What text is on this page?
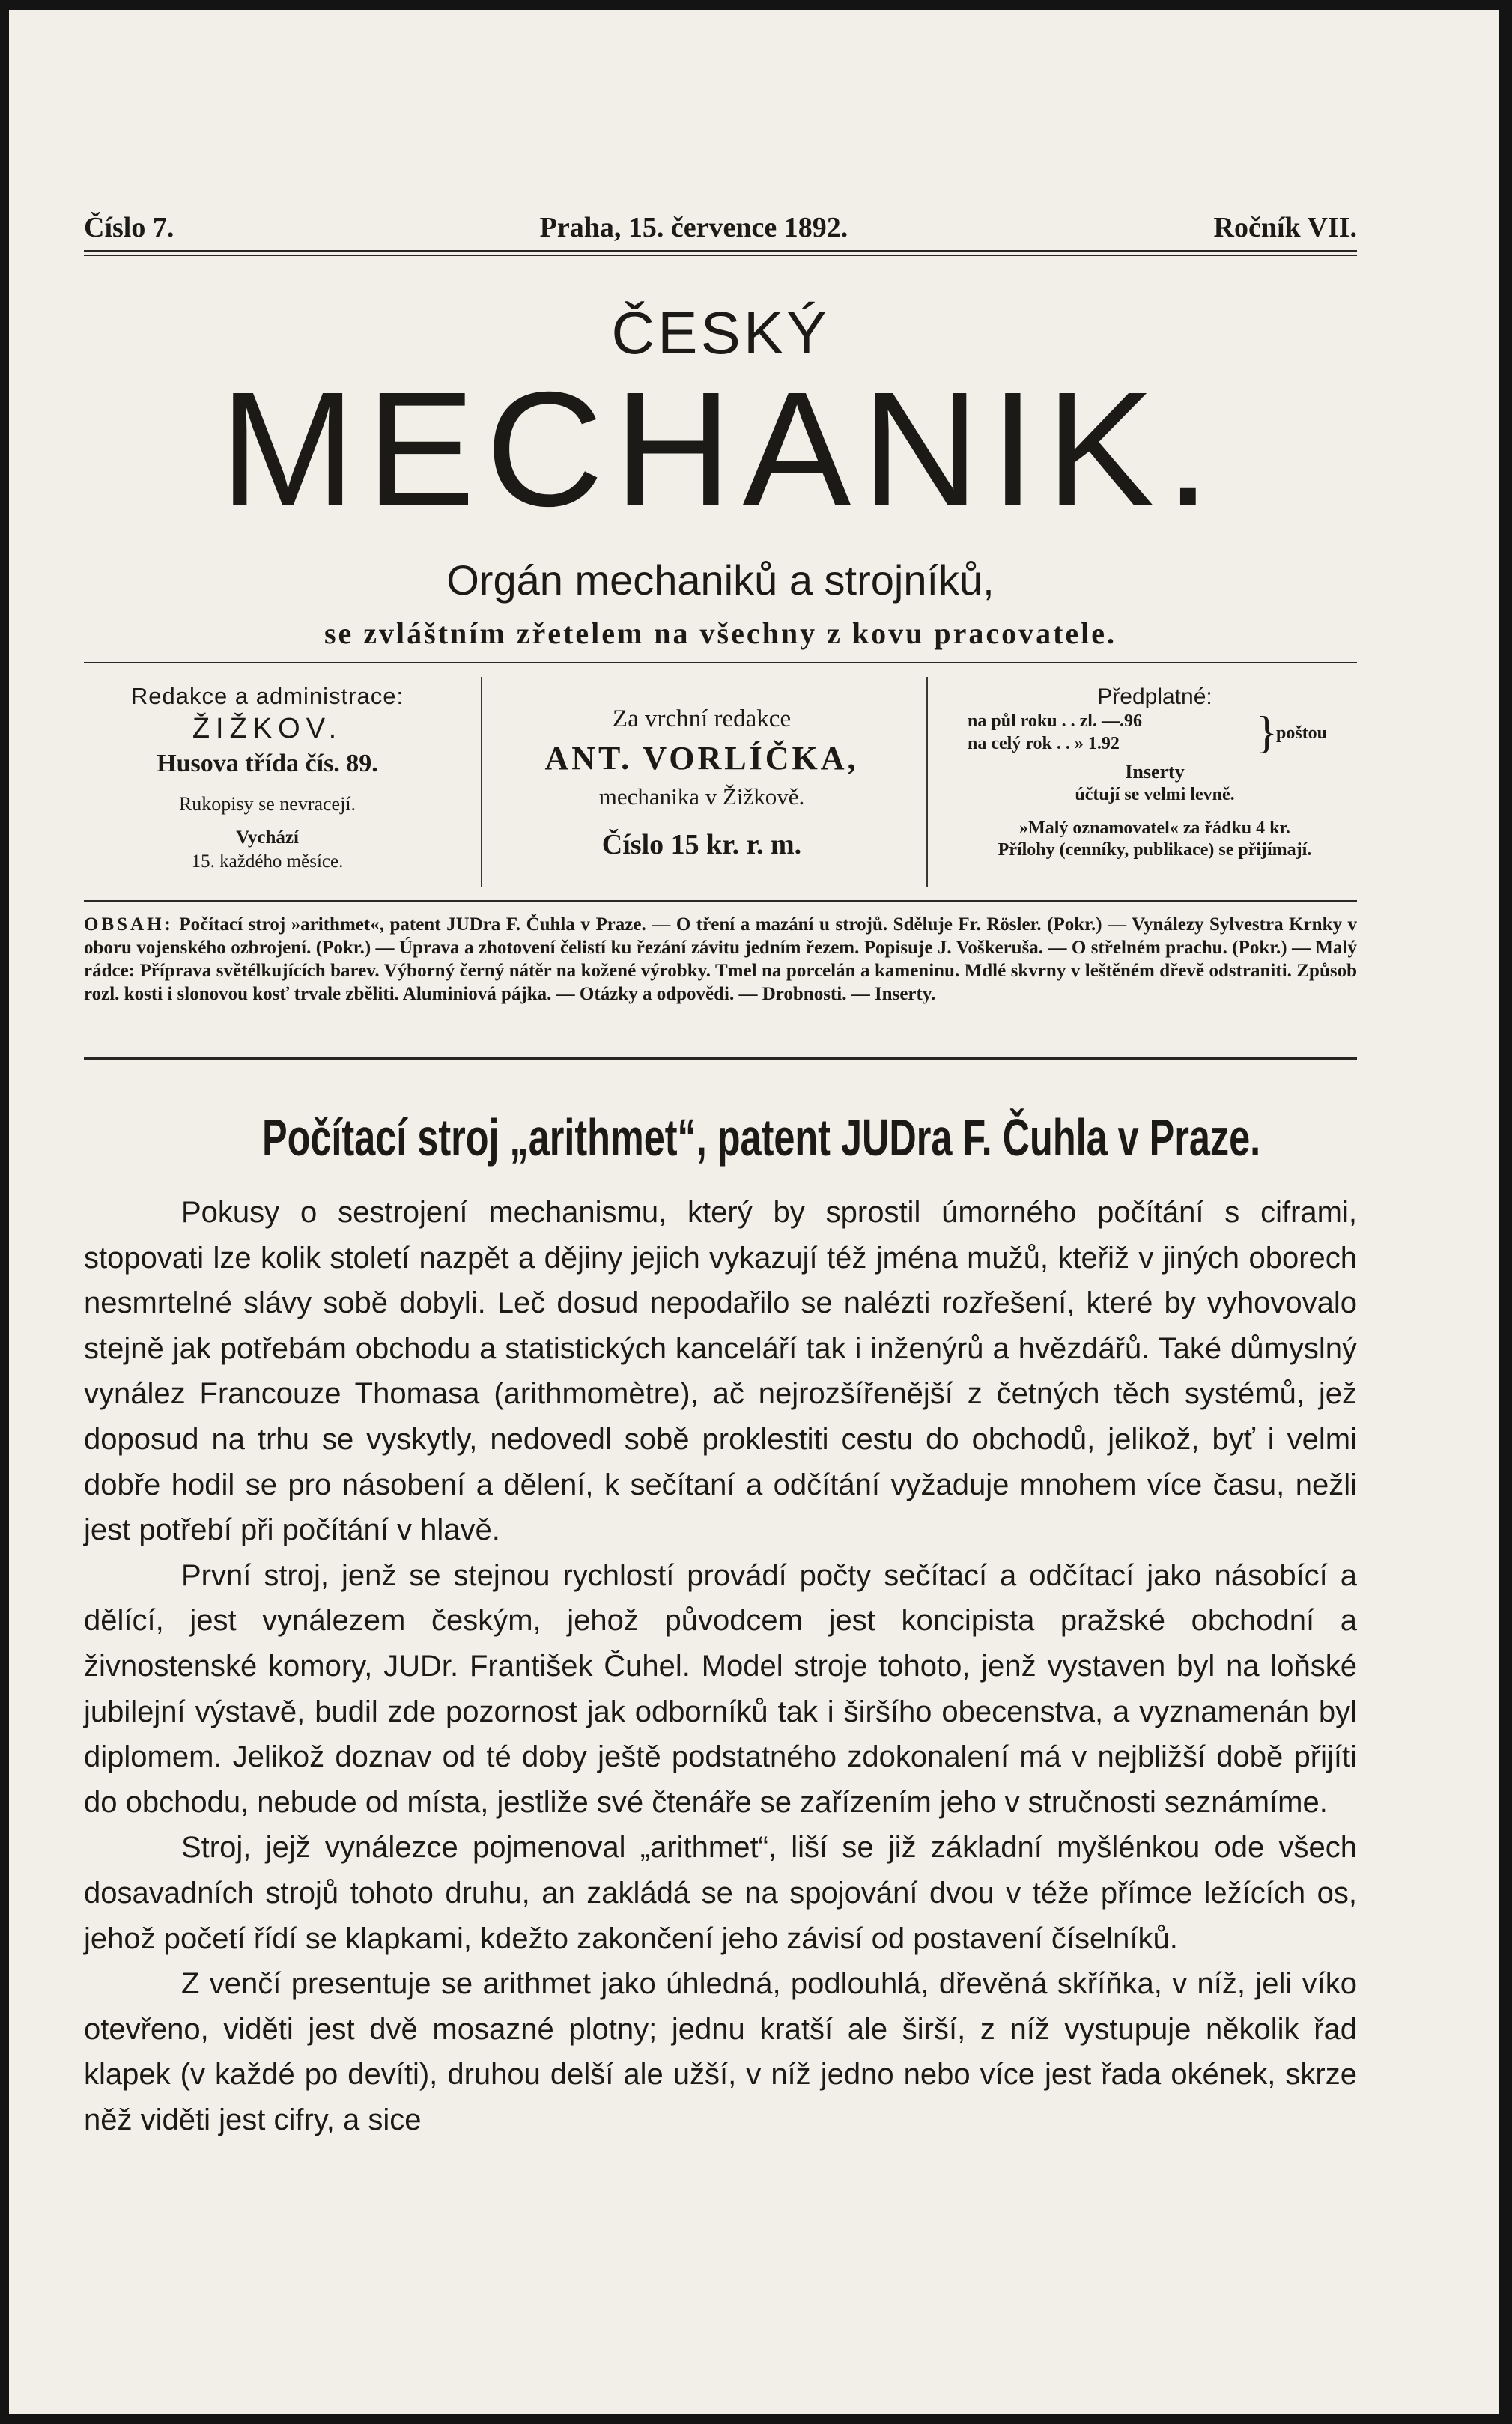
Číslo 7.	Praha, 15. července 1892.	Ročník VII.
ČESKÝ
MECHANIK.
Orgán mechaniků a strojníků,
se zvláštním zřetelem na všechny z kovu pracovatele.
Redakce a administrace:
ŽIŽKOV.
Husova třída čís. 89.
Rukopisy se nevracejí.
Vychází
15. každého měsíce.
Za vrchní redakce
ANT. VORLÍČKA,
mechanika v Žižkově.
Číslo 15 kr. r. m.
Předplatné:
na půl roku . . zl. —.96
na celý rok . . » 1.92	}
poštou
Inserty
účtují se velmi levně.
»Malý oznamovatel« za řádku 4 kr.
Přílohy (cenníky, publikace) se přijímají.
OBSAH: Počítací stroj »arithmet«, patent JUDra F. Čuhla v Praze. — O tření a mazání u strojů. Sděluje Fr. Rösler. (Pokr.) — Vynálezy Sylvestra Krnky v oboru vojenského ozbrojení. (Pokr.) — Úprava a zhotovení čelistí ku řezání závitu jedním řezem. Popisuje J. Voškeruša. — O střelném prachu. (Pokr.) — Malý rádce: Příprava světélkujících barev. Výborný černý nátěr na kožené výrobky. Tmel na porcelán a kameninu. Mdlé skvrny v leštěném dřevě odstraniti. Způsob rozl. kosti i slonovou kosť trvale zběliti. Aluminiová pájka. — Otázky a odpovědi. — Drobnosti. — Inserty.
Počítací stroj „arithmet“, patent JUDra F. Čuhla v Praze.

Pokusy o sestrojení mechanismu, který by sprostil úmorného počítání s ciframi, stopovati lze kolik století nazpět a dějiny jejich vykazují též jména mužů, kteřiž v jiných oborech nesmrtelné slávy sobě dobyli. Leč dosud nepodařilo se nalézti rozřešení, které by vyhovovalo stejně jak potřebám obchodu a statistických kanceláří tak i inženýrů a hvězdářů. Také důmyslný vynález Francouze Thomasa (arithmomètre), ač nejrozšířenější z četných těch systémů, jež doposud na trhu se vyskytly, nedovedl sobě proklestiti cestu do obchodů, jelikož, byť i velmi dobře hodil se pro násobení a dělení, k sečítaní a odčítání vyžaduje mnohem více času, nežli jest potřebí při počítání v hlavě.

První stroj, jenž se stejnou rychlostí provádí počty sečítací a odčítací jako násobící a dělící, jest vynálezem českým, jehož původcem jest koncipista pražské obchodní a živnostenské komory, JUDr. František Čuhel. Model stroje tohoto, jenž vystaven byl na loňské jubilejní výstavě, budil zde pozornost jak odborníků tak i širšího obecenstva, a vyznamenán byl diplomem. Jelikož doznav od té doby ještě podstatného zdokonalení má v nejbližší době přijíti do obchodu, nebude od místa, jestliže své čtenáře se zařízením jeho v stručnosti seznámíme.

Stroj, jejž vynálezce pojmenoval „arithmet“, liší se již základní myšlénkou ode všech dosavadních strojů tohoto druhu, an zakládá se na spojování dvou v téže přímce ležících os, jehož početí řídí se klapkami, kdežto zakončení jeho závisí od postavení číselníků.

Z venčí presentuje se arithmet jako úhledná, podlouhlá, dřevěná skříňka, v níž, jeli víko otevřeno, viděti jest dvě mosazné plotny; jednu kratší ale širší, z níž vystupuje několik řad klapek (v každé po devíti), druhou delší ale užší, v níž jedno nebo více jest řada okének, skrze něž viděti jest cifry, a sice
